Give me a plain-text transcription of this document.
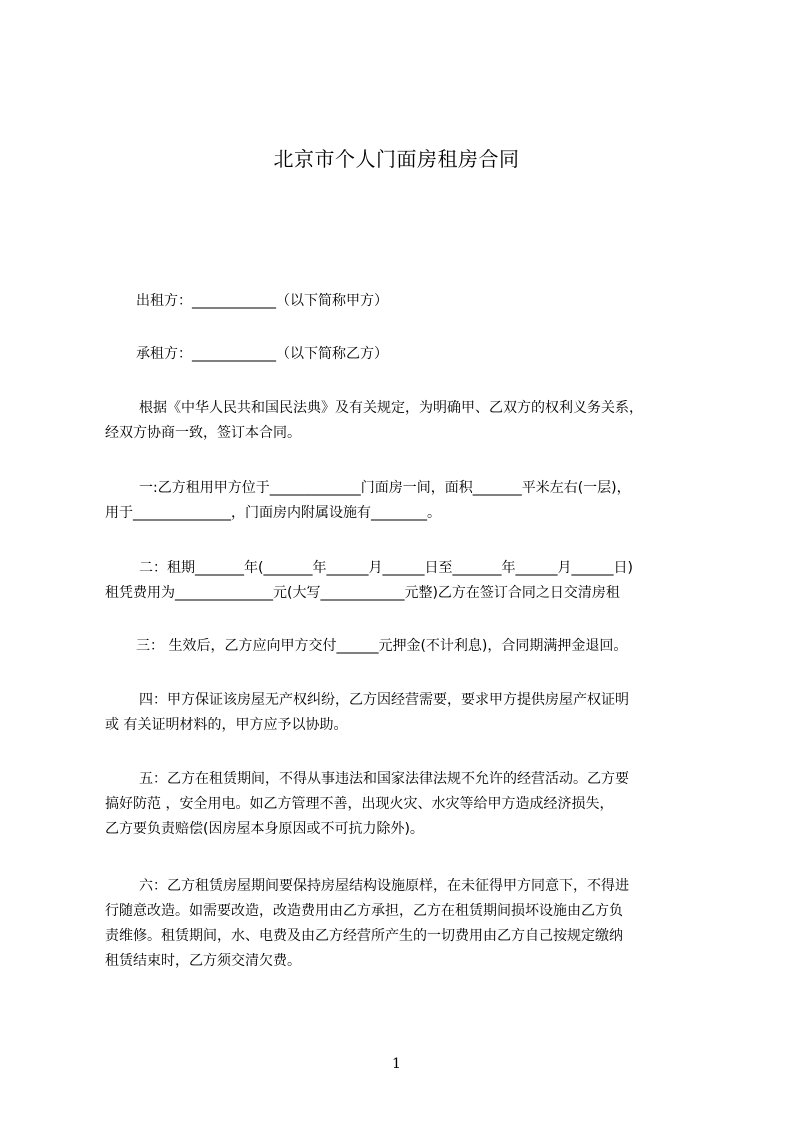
北京市个人门面房租房合同
出租方：____________（以下简称甲方）
承租方：____________（以下简称乙方）
根据《中华人民共和国民法典》及有关规定，为明确甲、乙双方的权利义务关系，
经双方协商一致，签订本合同。
一:乙方租用甲方位于_____________门面房一间，面积_______平米左右(一层)，
用于______________，门面房内附属设施有________。
二：租期_______年(_______年______月______日至_______年______月______日)
租凭费用为______________元(大写____________元整)乙方在签订合同之日交清房租
三： 生效后，乙方应向甲方交付______元押金(不计利息)，合同期满押金退回。
四：甲方保证该房屋无产权纠纷，乙方因经营需要，要求甲方提供房屋产权证明
或 有关证明材料的，甲方应予以协助。
五：乙方在租赁期间，不得从事违法和国家法律法规不允许的经营活动。乙方要
搞好防范 ，安全用电。如乙方管理不善，出现火灾、水灾等给甲方造成经济损失，
乙方要负责赔偿(因房屋本身原因或不可抗力除外)。
六：乙方租赁房屋期间要保持房屋结构设施原样，在未征得甲方同意下，不得进
行随意改造。如需要改造，改造费用由乙方承担，乙方在租赁期间损坏设施由乙方负
责维修。租赁期间，水、电费及由乙方经营所产生的一切费用由乙方自己按规定缴纳
租赁结束时，乙方须交清欠费。
1
